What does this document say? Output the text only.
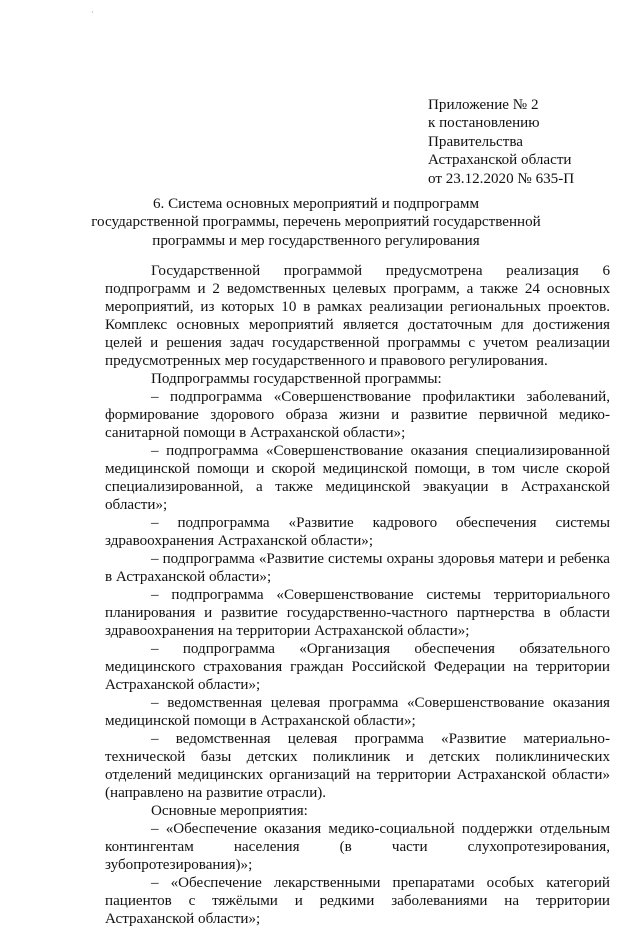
·
Приложение № 2
к постановлению
Правительства
Астраханской области
от 23.12.2020 № 635-П
6. Система основных мероприятий и подпрограмм
государственной программы, перечень мероприятий государственной
программы и мер государственного регулирования

Государственной программой предусмотрена реализация 6 подпрограмм и 2 ведомственных целевых программ, а также 24 основных мероприятий, из которых 10 в рамках реализации региональных проектов. Комплекс основных мероприятий является достаточным для достижения целей и решения задач государственной программы с учетом реализации предусмотренных мер государственного и правового регулирования.

Подпрограммы государственной программы:

– подпрограмма «Совершенствование профилактики заболеваний, формирование здорового образа жизни и развитие первичной медико-санитарной помощи в Астраханской области»;

– подпрограмма «Совершенствование оказания специализированной медицинской помощи и скорой медицинской помощи, в том числе скорой специализированной, а также медицинской эвакуации в Астраханской области»;

– подпрограмма «Развитие кадрового обеспечения системы здравоохранения Астраханской области»;

– подпрограмма «Развитие системы охраны здоровья матери и ребенка в Астраханской области»;

– подпрограмма «Совершенствование системы территориального планирования и развитие государственно-частного партнерства в области здравоохранения на территории Астраханской области»;

– подпрограмма «Организация обеспечения обязательного медицинского страхования граждан Российской Федерации на территории Астраханской области»;

– ведомственная целевая программа «Совершенствование оказания медицинской помощи в Астраханской области»;

– ведомственная целевая программа «Развитие материально-технической базы детских поликлиник и детских поликлинических отделений медицинских организаций на территории Астраханской области» (направлено на развитие отрасли).

Основные мероприятия:

– «Обеспечение оказания медико-социальной поддержки отдельным контингентам населения (в части слухопротезирования, зубопротезирования)»;

– «Обеспечение лекарственными препаратами особых категорий пациентов с тяжёлыми и редкими заболеваниями на территории Астраханской области»;
